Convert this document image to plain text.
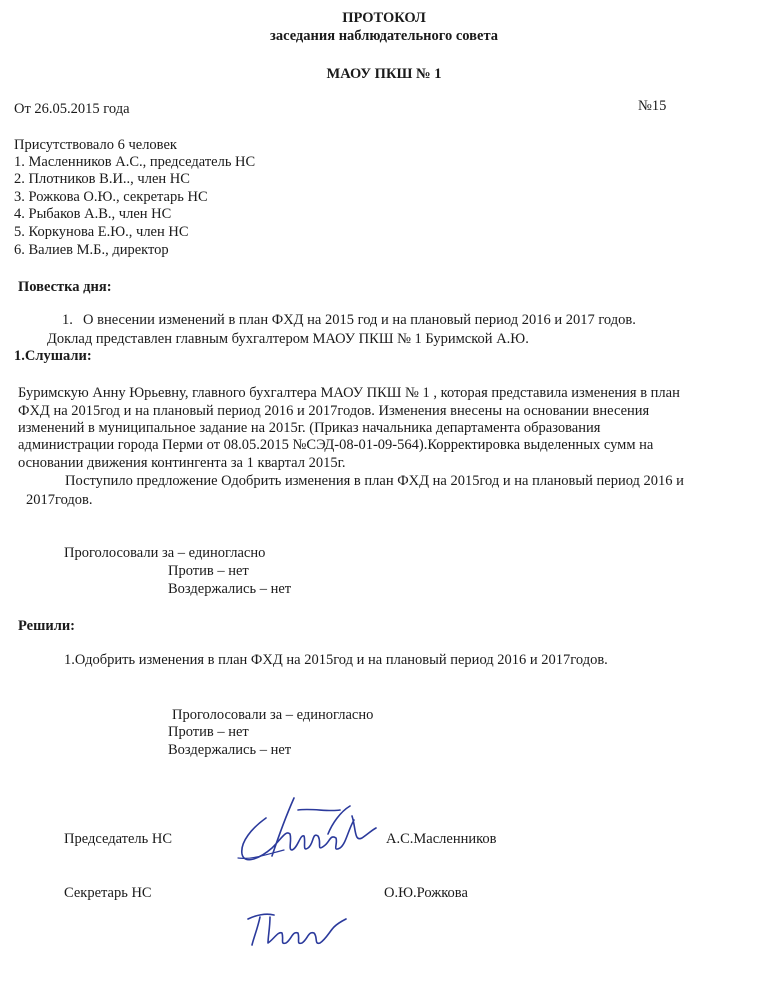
ПРОТОКОЛ
заседания наблюдательного совета
МАОУ ПКШ № 1
От 26.05.2015 года	№15
Присутствовало 6 человек
1. Масленников А.С., председатель НС
2. Плотников В.И.., член НС
3. Рожкова О.Ю., секретарь НС
4. Рыбаков А.В., член НС
5. Коркунова Е.Ю., член НС
6. Валиев М.Б., директор
Повестка дня:
1. О внесении изменений в план ФХД на 2015 год и на плановый период 2016 и 2017 годов.
Доклад представлен главным бухгалтером МАОУ ПКШ № 1 Буримской А.Ю.
1.Слушали:
Буримскую Анну Юрьевну, главного бухгалтера МАОУ ПКШ № 1 , которая представила изменения в план
ФХД на 2015год и на плановый период 2016 и 2017годов. Изменения внесены на основании внесения
изменений в муниципальное задание на 2015г. (Приказ начальника департамента образования
администрации города Перми от 08.05.2015 №СЭД-08-01-09-564).Корректировка выделенных сумм на
основании движения контингента за 1 квартал 2015г.
Поступило предложение Одобрить изменения в план ФХД на 2015год и на плановый период 2016 и
2017годов.
Проголосовали за – единогласно
Против – нет
Воздержались – нет
Решили:
1.Одобрить изменения в план ФХД на 2015год и на плановый период 2016 и 2017годов.
Проголосовали за – единогласно
Против – нет
Воздержались – нет
Председатель НС	А.С.Масленников
Секретарь НС	О.Ю.Рожкова
